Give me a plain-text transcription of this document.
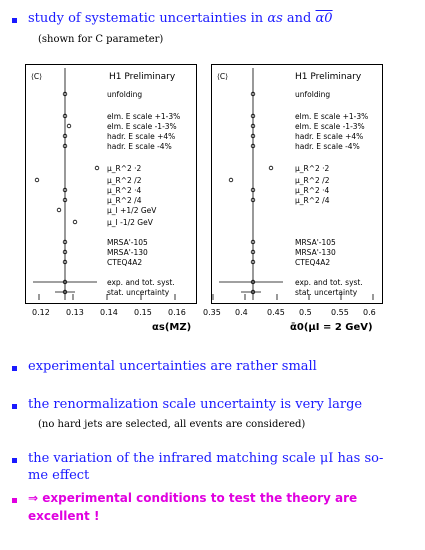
study of systematic uncertainties in αs and α0
(shown for C parameter)
⟨C⟩	H1 Preliminary
unfolding
elm. E scale +1-3%
elm. E scale -1-3%
hadr. E scale +4%
hadr. E scale -4%
μ_R^2 ·2
μ_R^2 /2
μ_R^2 ·4
μ_R^2 /4
μ_I +1/2 GeV
μ_I -1/2 GeV
MRSA'-105
MRSA'-130
CTEQ4A2
exp. and tot. syst.
stat. uncertainty
0.12 0.13 0.14 0.15 0.16
αs(MZ)
⟨C⟩	H1 Preliminary
unfolding
elm. E scale +1-3%
elm. E scale -1-3%
hadr. E scale +4%
hadr. E scale -4%
μ_R^2 ·2
μ_R^2 /2
μ_R^2 ·4
μ_R^2 /4
MRSA'-105
MRSA'-130
CTEQ4A2
exp. and tot. syst.
stat. uncertainty
0.35 0.4 0.45 0.5 0.55 0.6
ᾱ0(μI = 2 GeV)
experimental uncertainties are rather small
the renormalization scale uncertainty is very large
(no hard jets are selected, all events are considered)
the variation of the infrared matching scale μI has so-
me effect
⇒ experimental conditions to test the theory are
excellent !
